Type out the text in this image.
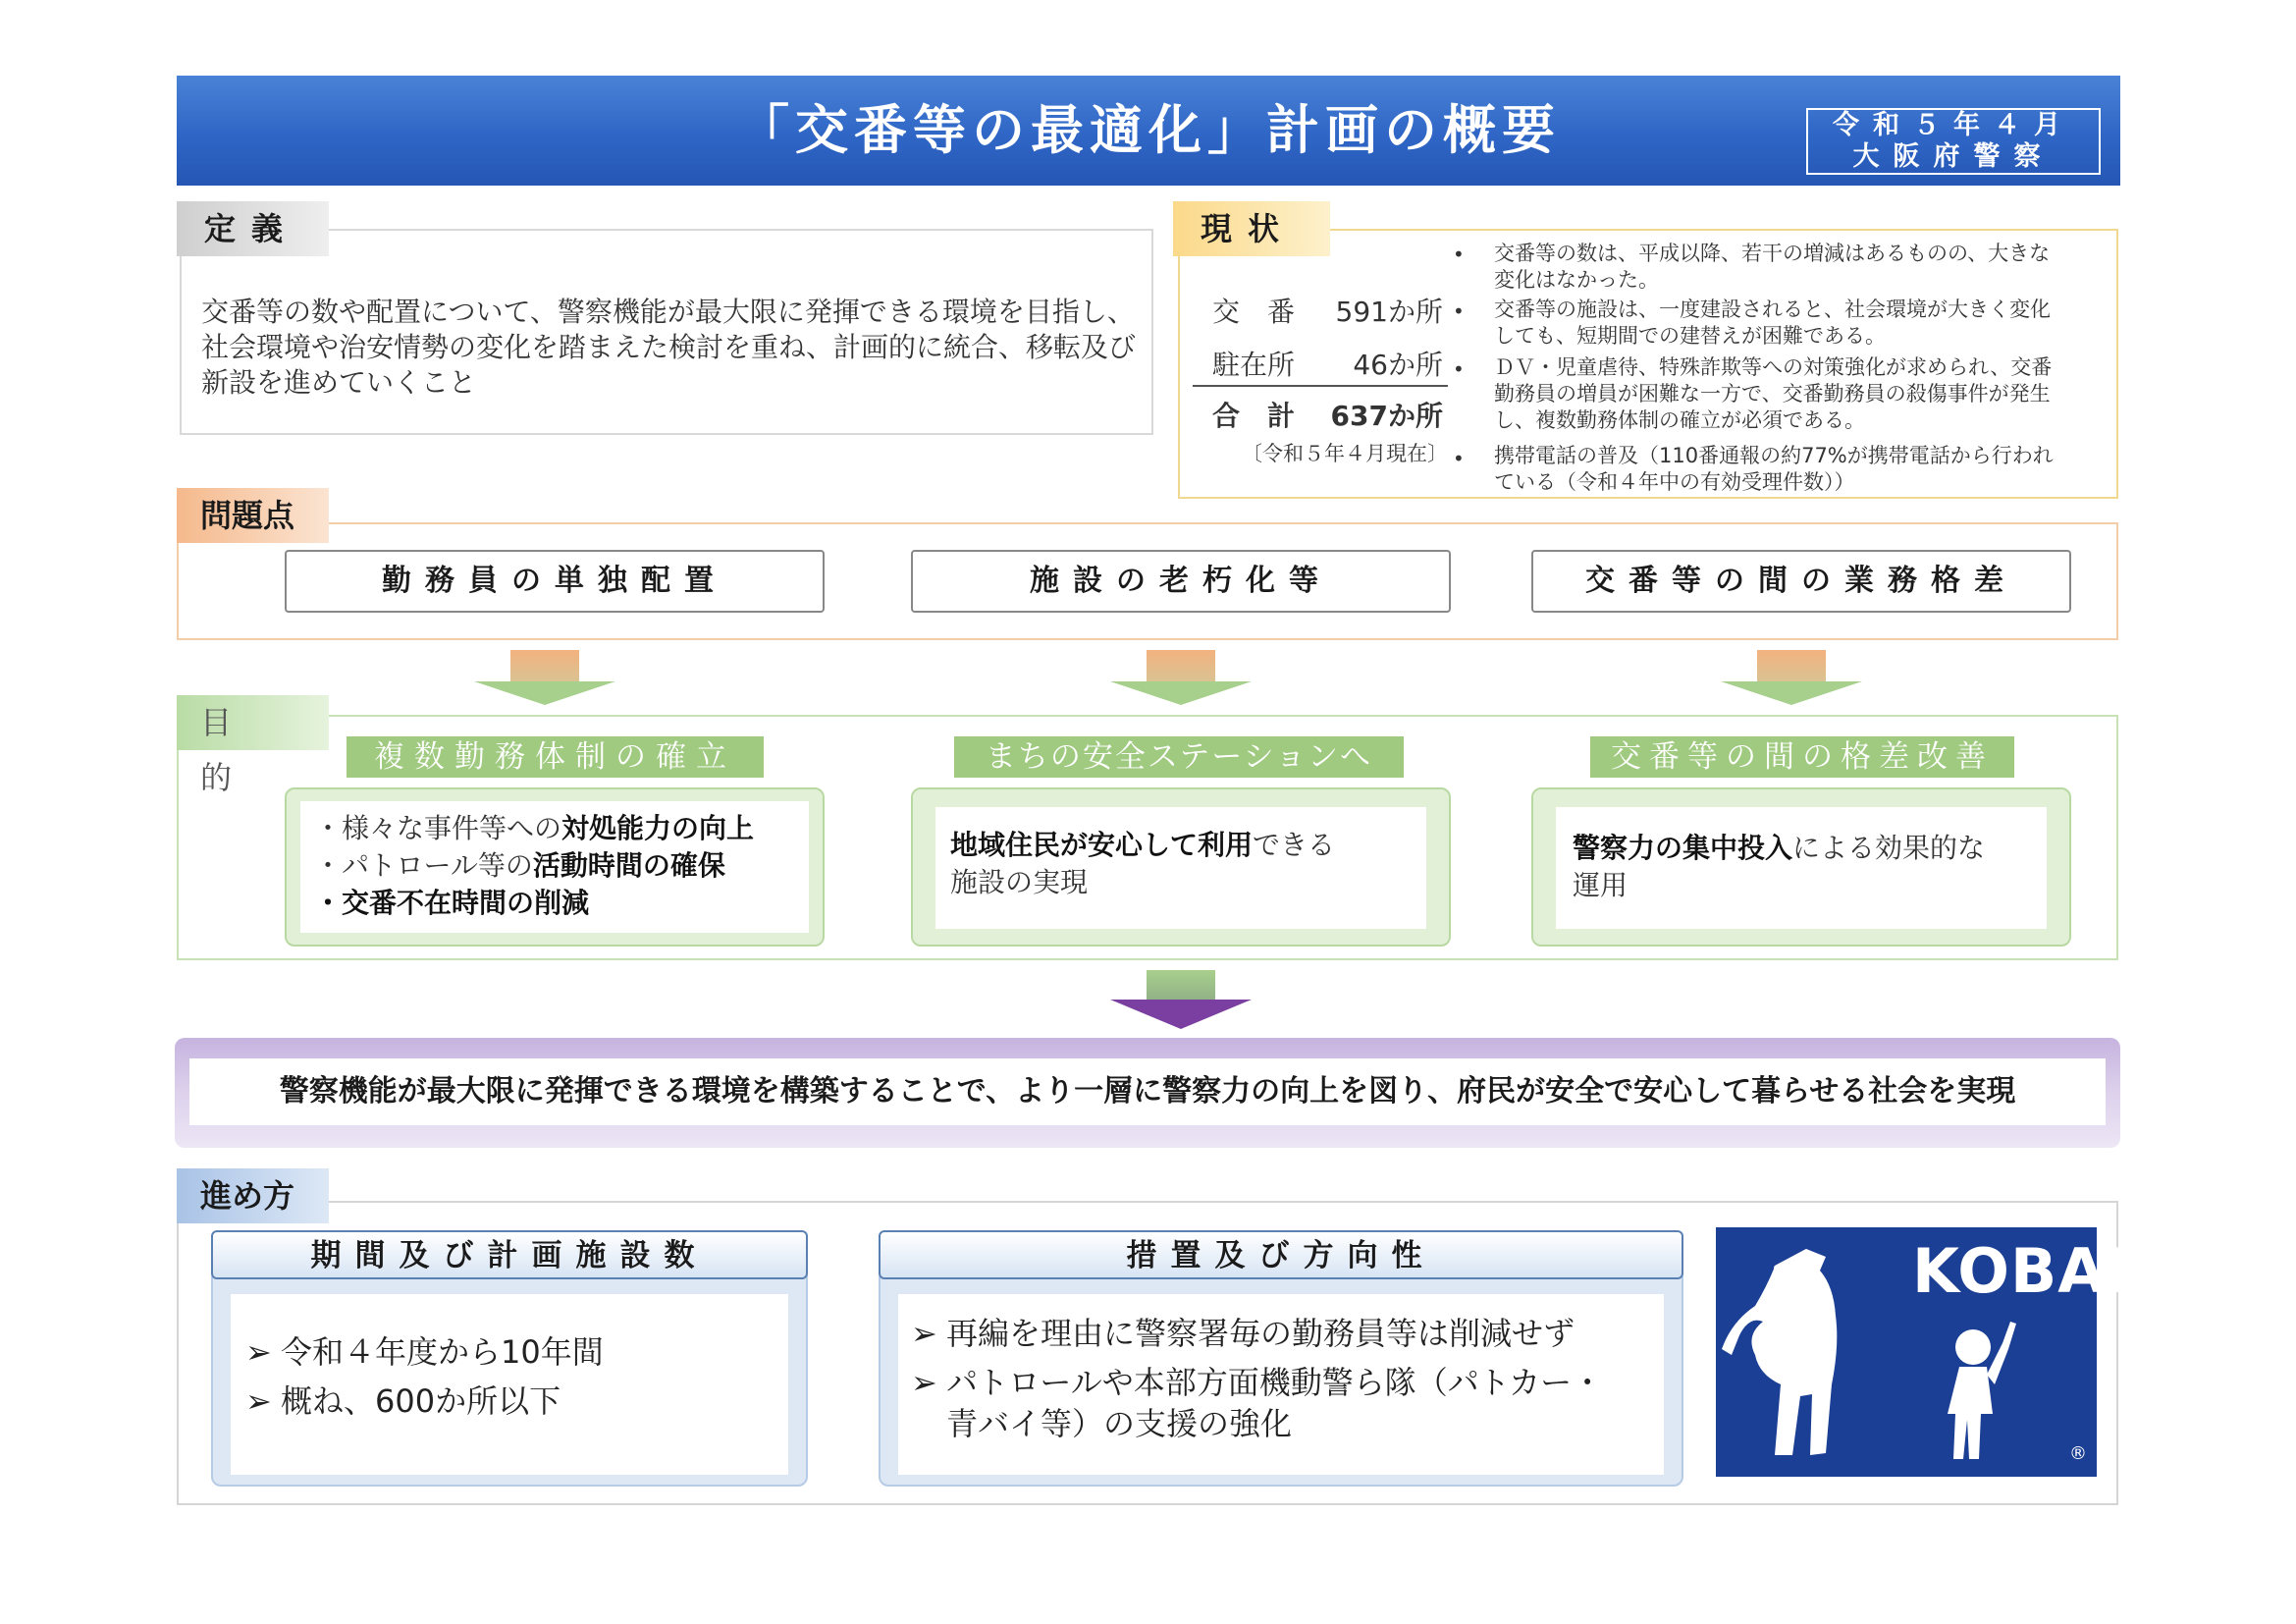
「交番等の最適化」計画の概要	令和５年４月
大阪府警察
定義
交番等の数や配置について、警察機能が最大限に発揮できる環境を目指し、
社会環境や治安情勢の変化を踏まえた検討を重ね、計画的に統合、移転及び
新設を進めていくこと
現状
交　番 591か所
駐在所	46か所
合　計	637か所
〔令和５年４月現在〕
• 交番等の数は、平成以降、若干の増減はあるものの、大きな
変化はなかった。
• 交番等の施設は、一度建設されると、社会環境が大きく変化
しても、短期間での建替えが困難である。
• ＤＶ・児童虐待、特殊詐欺等への対策強化が求められ、交番
勤務員の増員が困難な一方で、交番勤務員の殺傷事件が発生
し、複数勤務体制の確立が必須である。
• 携帯電話の普及（110番通報の約77%が携帯電話から行われ
ている（令和４年中の有効受理件数））
問題点
勤務員の単独配置	施設の老朽化等	交番等の間の業務格差
目　的
複数勤務体制の確立	まちの安全ステーションへ	交番等の間の格差改善
・様々な事件等への対処能力の向上
・パトロール等の活動時間の確保
・交番不在時間の削減
地域住民が安心して利用できる
施設の実現
警察力の集中投入による効果的な
運用
警察機能が最大限に発揮できる環境を構築することで、より一層に警察力の向上を図り、府民が安全で安心して暮らせる社会を実現
進め方
期間及び計画施設数
➢ 令和４年度から10年間
➢ 概ね、600か所以下
措置及び方向性
➢ 再編を理由に警察署毎の勤務員等は削減せず
➢ パトロールや本部方面機動警ら隊（パトカー・
青バイ等）の支援の強化
KOBAN
®
